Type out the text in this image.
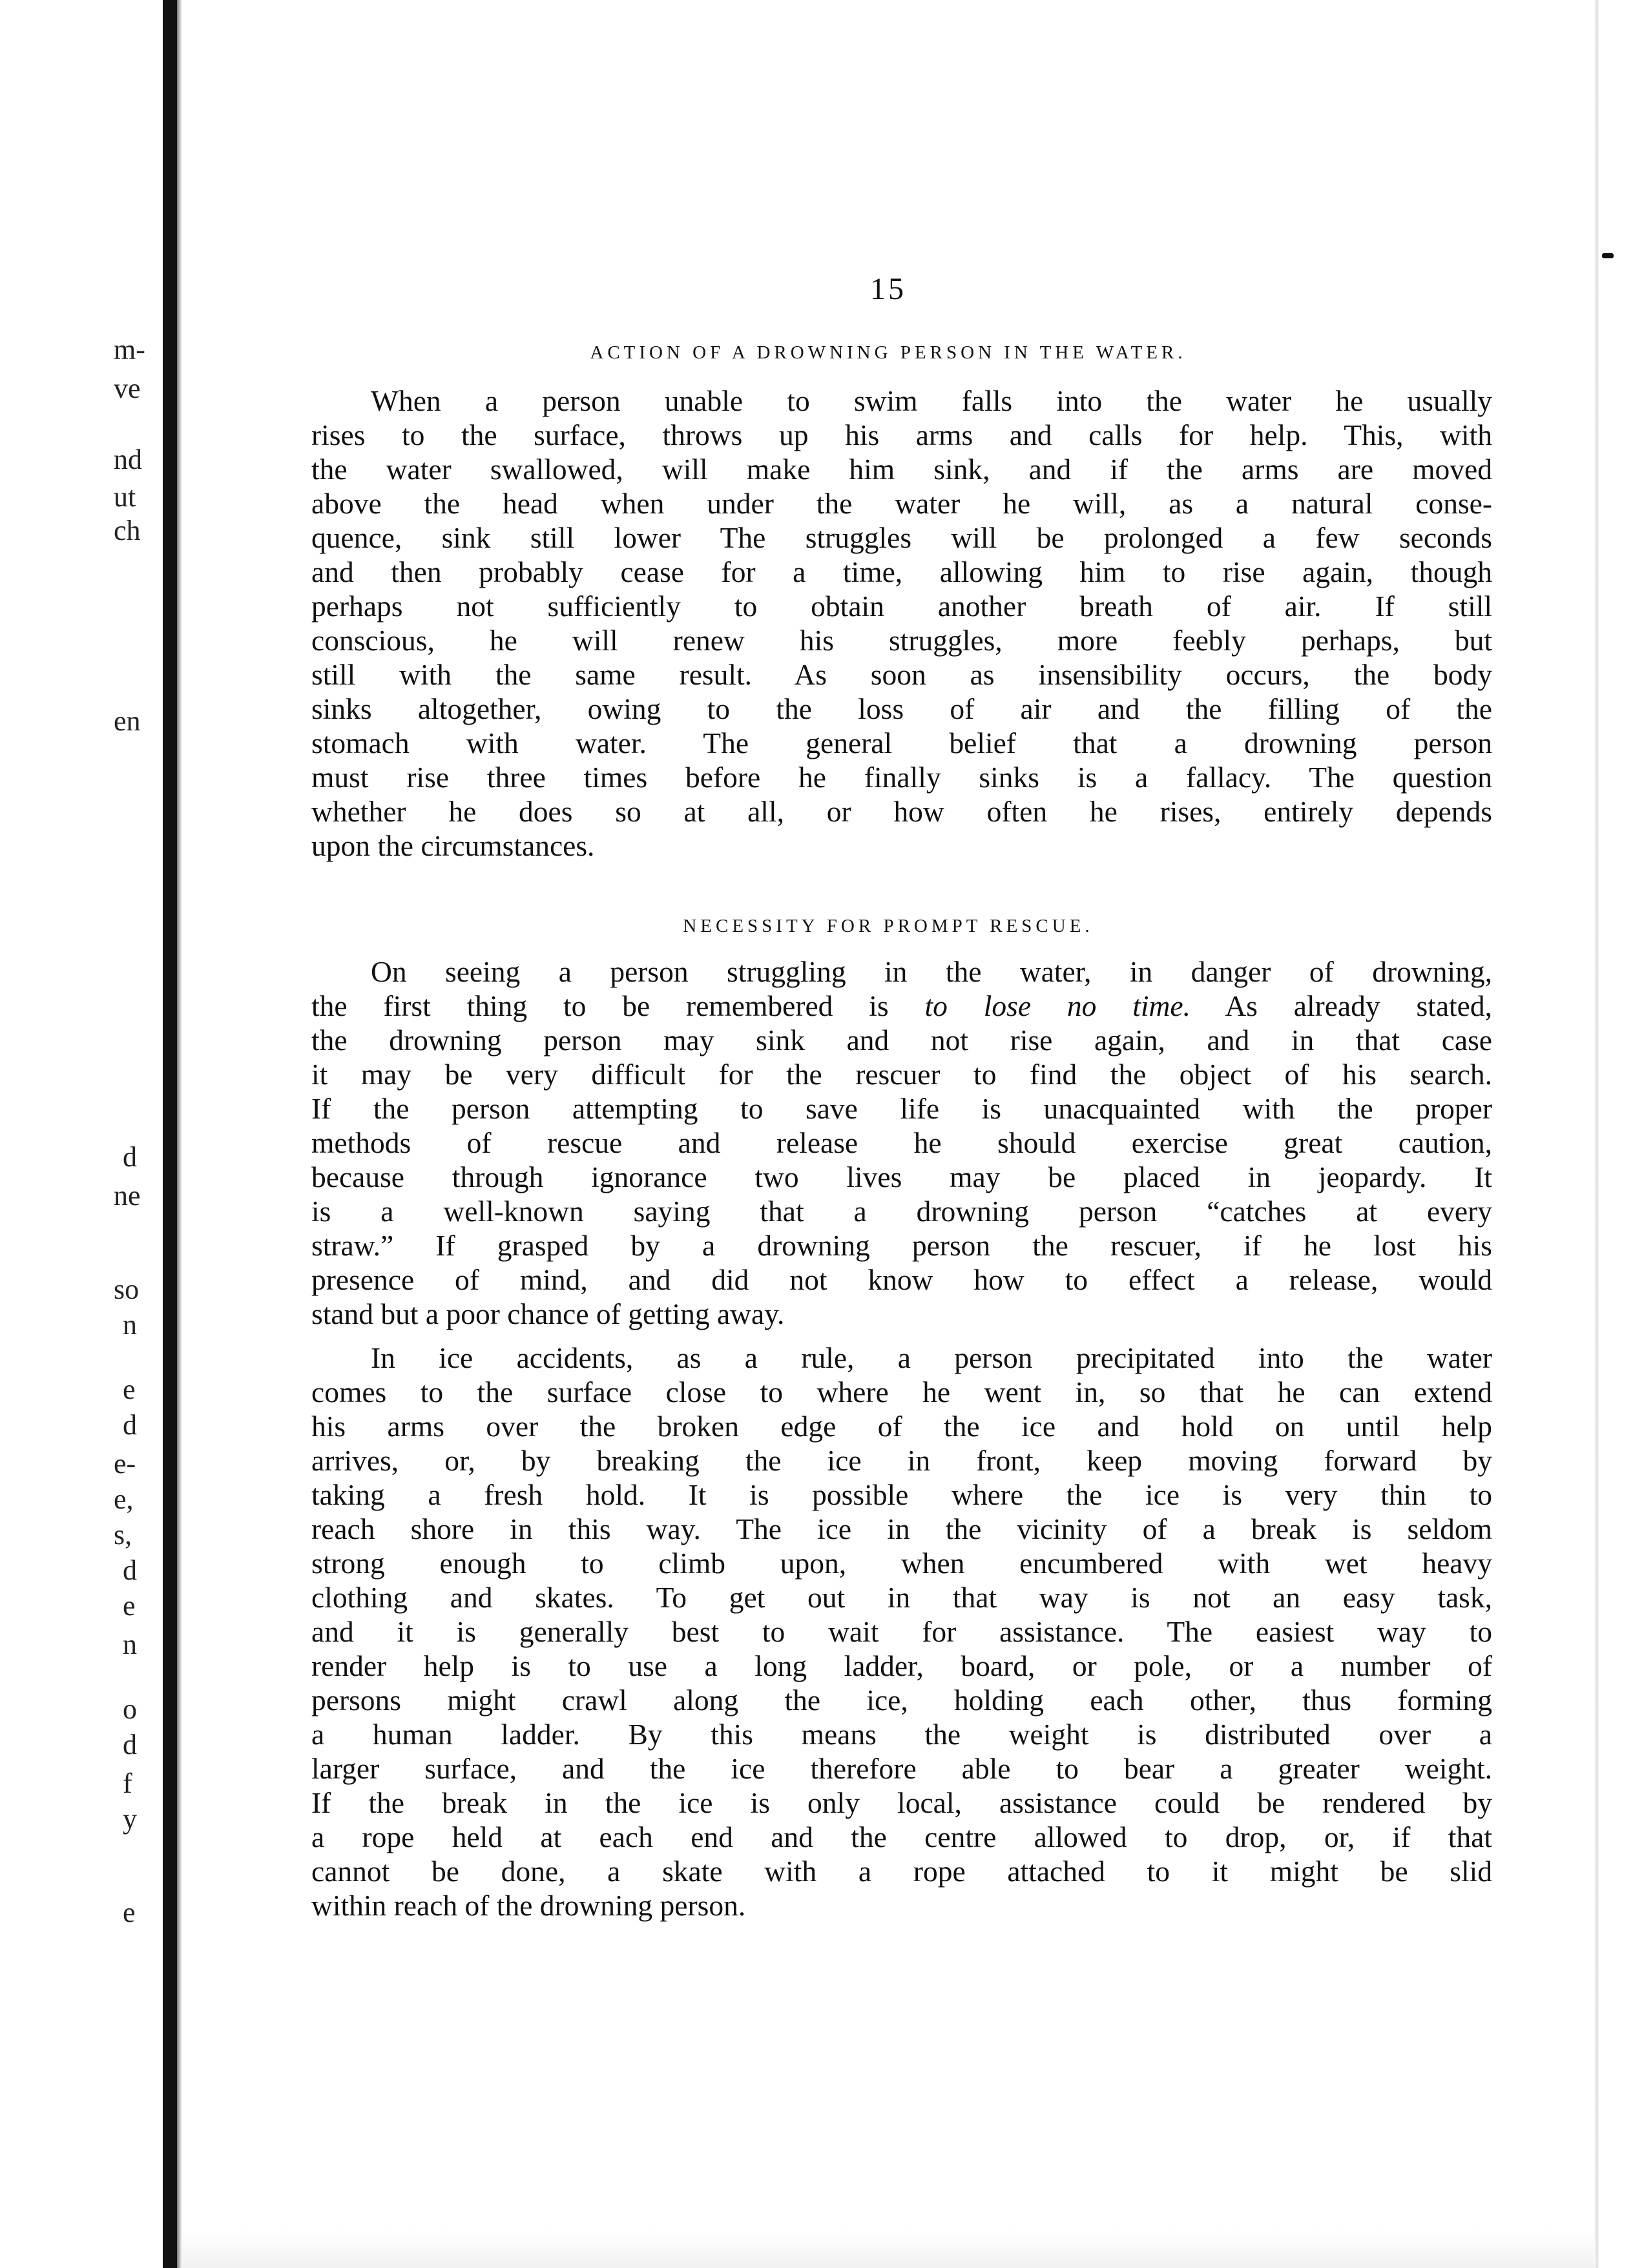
m-
ve
nd
ut
ch
en
d
ne
so
n
e
d
e-
e,
s,
d
e
n
o
d
f
y
e
15
ACTION OF A DROWNING PERSON IN THE WATER.
When a person unable to swim falls into the water he usually
rises to the surface, throws up his arms and calls for help. This, with
the water swallowed, will make him sink, and if the arms are moved
above the head when under the water he will, as a natural conse-
quence, sink still lower The struggles will be prolonged a few seconds
and then probably cease for a time, allowing him to rise again, though
perhaps not sufficiently to obtain another breath of air. If still
conscious, he will renew his struggles, more feebly perhaps, but
still with the same result. As soon as insensibility occurs, the body
sinks altogether, owing to the loss of air and the filling of the
stomach with water. The general belief that a drowning person
must rise three times before he finally sinks is a fallacy. The question
whether he does so at all, or how often he rises, entirely depends
upon the circumstances.
NECESSITY FOR PROMPT RESCUE.
On seeing a person struggling in the water, in danger of drowning,
the first thing to be remembered is to lose no time. As already stated,
the drowning person may sink and not rise again, and in that case
it may be very difficult for the rescuer to find the object of his search.
If the person attempting to save life is unacquainted with the proper
methods of rescue and release he should exercise great caution,
because through ignorance two lives may be placed in jeopardy. It
is a well-known saying that a drowning person “catches at every
straw.” If grasped by a drowning person the rescuer, if he lost his
presence of mind, and did not know how to effect a release, would
stand but a poor chance of getting away.
In ice accidents, as a rule, a person precipitated into the water
comes to the surface close to where he went in, so that he can extend
his arms over the broken edge of the ice and hold on until help
arrives, or, by breaking the ice in front, keep moving forward by
taking a fresh hold. It is possible where the ice is very thin to
reach shore in this way. The ice in the vicinity of a break is seldom
strong enough to climb upon, when encumbered with wet heavy
clothing and skates. To get out in that way is not an easy task,
and it is generally best to wait for assistance. The easiest way to
render help is to use a long ladder, board, or pole, or a number of
persons might crawl along the ice, holding each other, thus forming
a human ladder. By this means the weight is distributed over a
larger surface, and the ice therefore able to bear a greater weight.
If the break in the ice is only local, assistance could be rendered by
a rope held at each end and the centre allowed to drop, or, if that
cannot be done, a skate with a rope attached to it might be slid
within reach of the drowning person.
